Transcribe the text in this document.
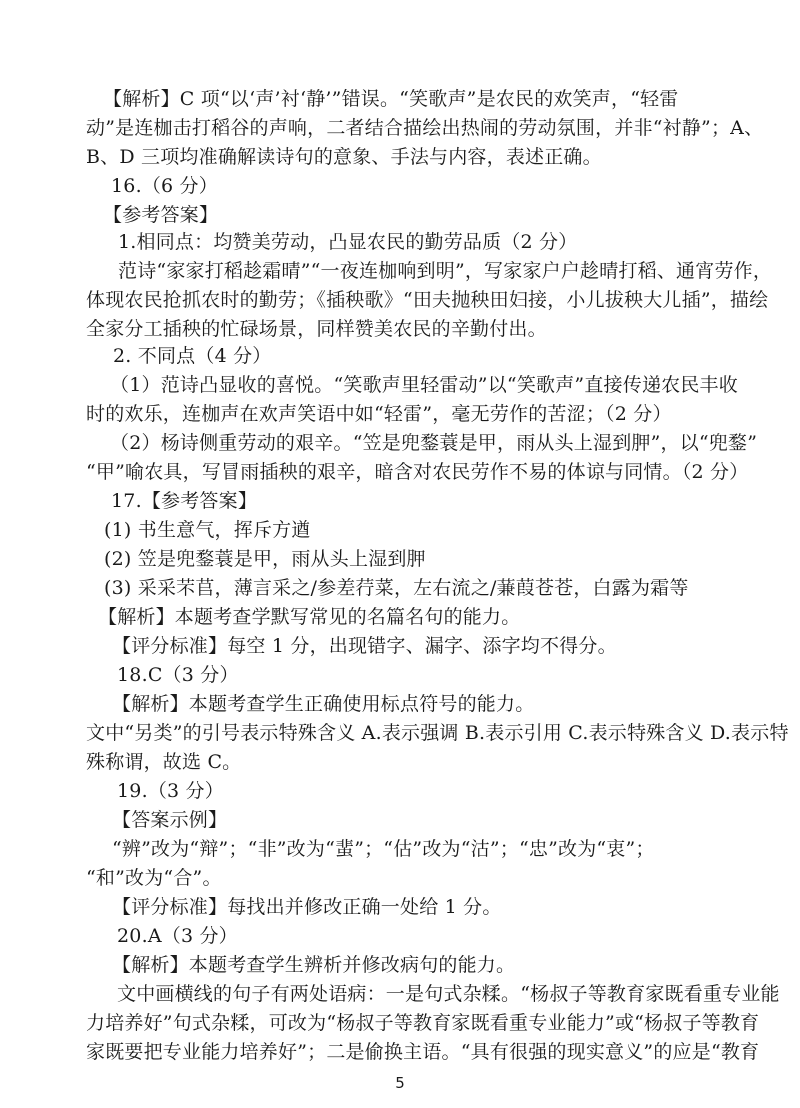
【解析】C 项“以‘声’衬‘静’”错误。“笑歌声”是农民的欢笑声，“轻雷
动”是连枷击打稻谷的声响，二者结合描绘出热闹的劳动氛围，并非“衬静”；A、
B、D 三项均准确解读诗句的意象、手法与内容，表述正确。
16.（6 分）
【参考答案】
1.相同点：均赞美劳动，凸显农民的勤劳品质（2 分）
范诗“家家打稻趁霜晴”“一夜连枷响到明”，写家家户户趁晴打稻、通宵劳作，
体现农民抢抓农时的勤劳；《插秧歌》“田夫抛秧田妇接，小儿拔秧大儿插”，描绘
全家分工插秧的忙碌场景，同样赞美农民的辛勤付出。
2. 不同点（4 分）
（1）范诗凸显收的喜悦。“笑歌声里轻雷动”以“笑歌声”直接传递农民丰收
时的欢乐，连枷声在欢声笑语中如“轻雷”，毫无劳作的苦涩；（2 分）
（2）杨诗侧重劳动的艰辛。“笠是兜鍪蓑是甲，雨从头上湿到胛”，以“兜鍪”
“甲”喻农具，写冒雨插秧的艰辛，暗含对农民劳作不易的体谅与同情。（2 分）
17.【参考答案】
(1) 书生意气，挥斥方遒
(2) 笠是兜鍪蓑是甲，雨从头上湿到胛
(3) 采采芣苢，薄言采之/参差荇菜，左右流之/蒹葭苍苍，白露为霜等
【解析】本题考查学默写常见的名篇名句的能力。
【评分标准】每空 1 分，出现错字、漏字、添字均不得分。
18.C（3 分）
【解析】本题考查学生正确使用标点符号的能力。
文中“另类”的引号表示特殊含义 A.表示强调 B.表示引用 C.表示特殊含义 D.表示特
殊称谓，故选 C。
19.（3 分）
【答案示例】
“辨”改为“辩”；“非”改为“蜚”；“估”改为“沽”；“忠”改为“衷”；
“和”改为“合”。
【评分标准】每找出并修改正确一处给 1 分。
20.A（3 分）
【解析】本题考查学生辨析并修改病句的能力。
文中画横线的句子有两处语病：一是句式杂糅。“杨叔子等教育家既看重专业能
力培养好”句式杂糅，可改为“杨叔子等教育家既看重专业能力”或“杨叔子等教育
家既要把专业能力培养好”；二是偷换主语。“具有很强的现实意义”的应是“教育
5
